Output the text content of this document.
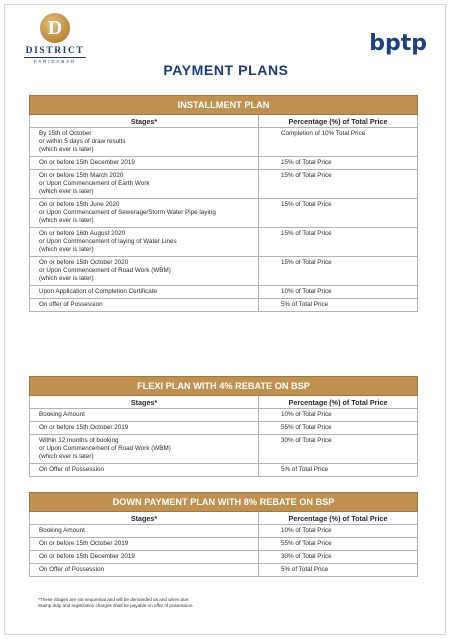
D
DISTRICT
FARIDABAD
bptp
PAYMENT PLANS
INSTALLMENT PLAN	
Stages*	Percentage (%) of Total Price

By 15th of October
or within 5 days of draw results
(which ever is later)	Completion of 10% Total Price

On or before 15th December 2019	15% of Total Price

On or before 15th March 2020
or Upon Commencement of Earth Work
(which ever is later)	15% of Total Price

On or before 15th June 2020
or Upon Commencement of Sewerage/Storm Water Pipe laying
(which ever is later)	15% of Total Price

On or before 16th August 2020
or Upon Commencement of laying of Water Lines
(which ever is later)	15% of Total Price

On or before 15th October 2020
or Upon Commencement of Road Work (WBM)
(which ever is later)	15% of Total Price

Upon Application of Completion Certificate	10% of Total Price

On offer of Possession	5% of Total Price
FLEXI PLAN WITH 4% REBATE ON BSP	
Stages*	Percentage (%) of Total Price

Booking Amount	10% of Total Price

On or before 15th October 2019	55% of Total Price

Within 12 months of booking
or Upon Commencement of Road Work (WBM)
(which ever is later)	30% of Total Price

On Offer of Possession	5% of Total Price
DOWN PAYMENT PLAN WITH 8% REBATE ON BSP	
Stages*	Percentage (%) of Total Price

Booking Amount	10% of Total Price

On or before 15th October 2019	55% of Total Price

On or before 15th December 2019	30% of Total Price

On Offer of Possession	5% of Total Price
*These Stages are not sequential and will be demanded as and when due.
Stamp duty and registration charges shall be payable on offer of possession.
